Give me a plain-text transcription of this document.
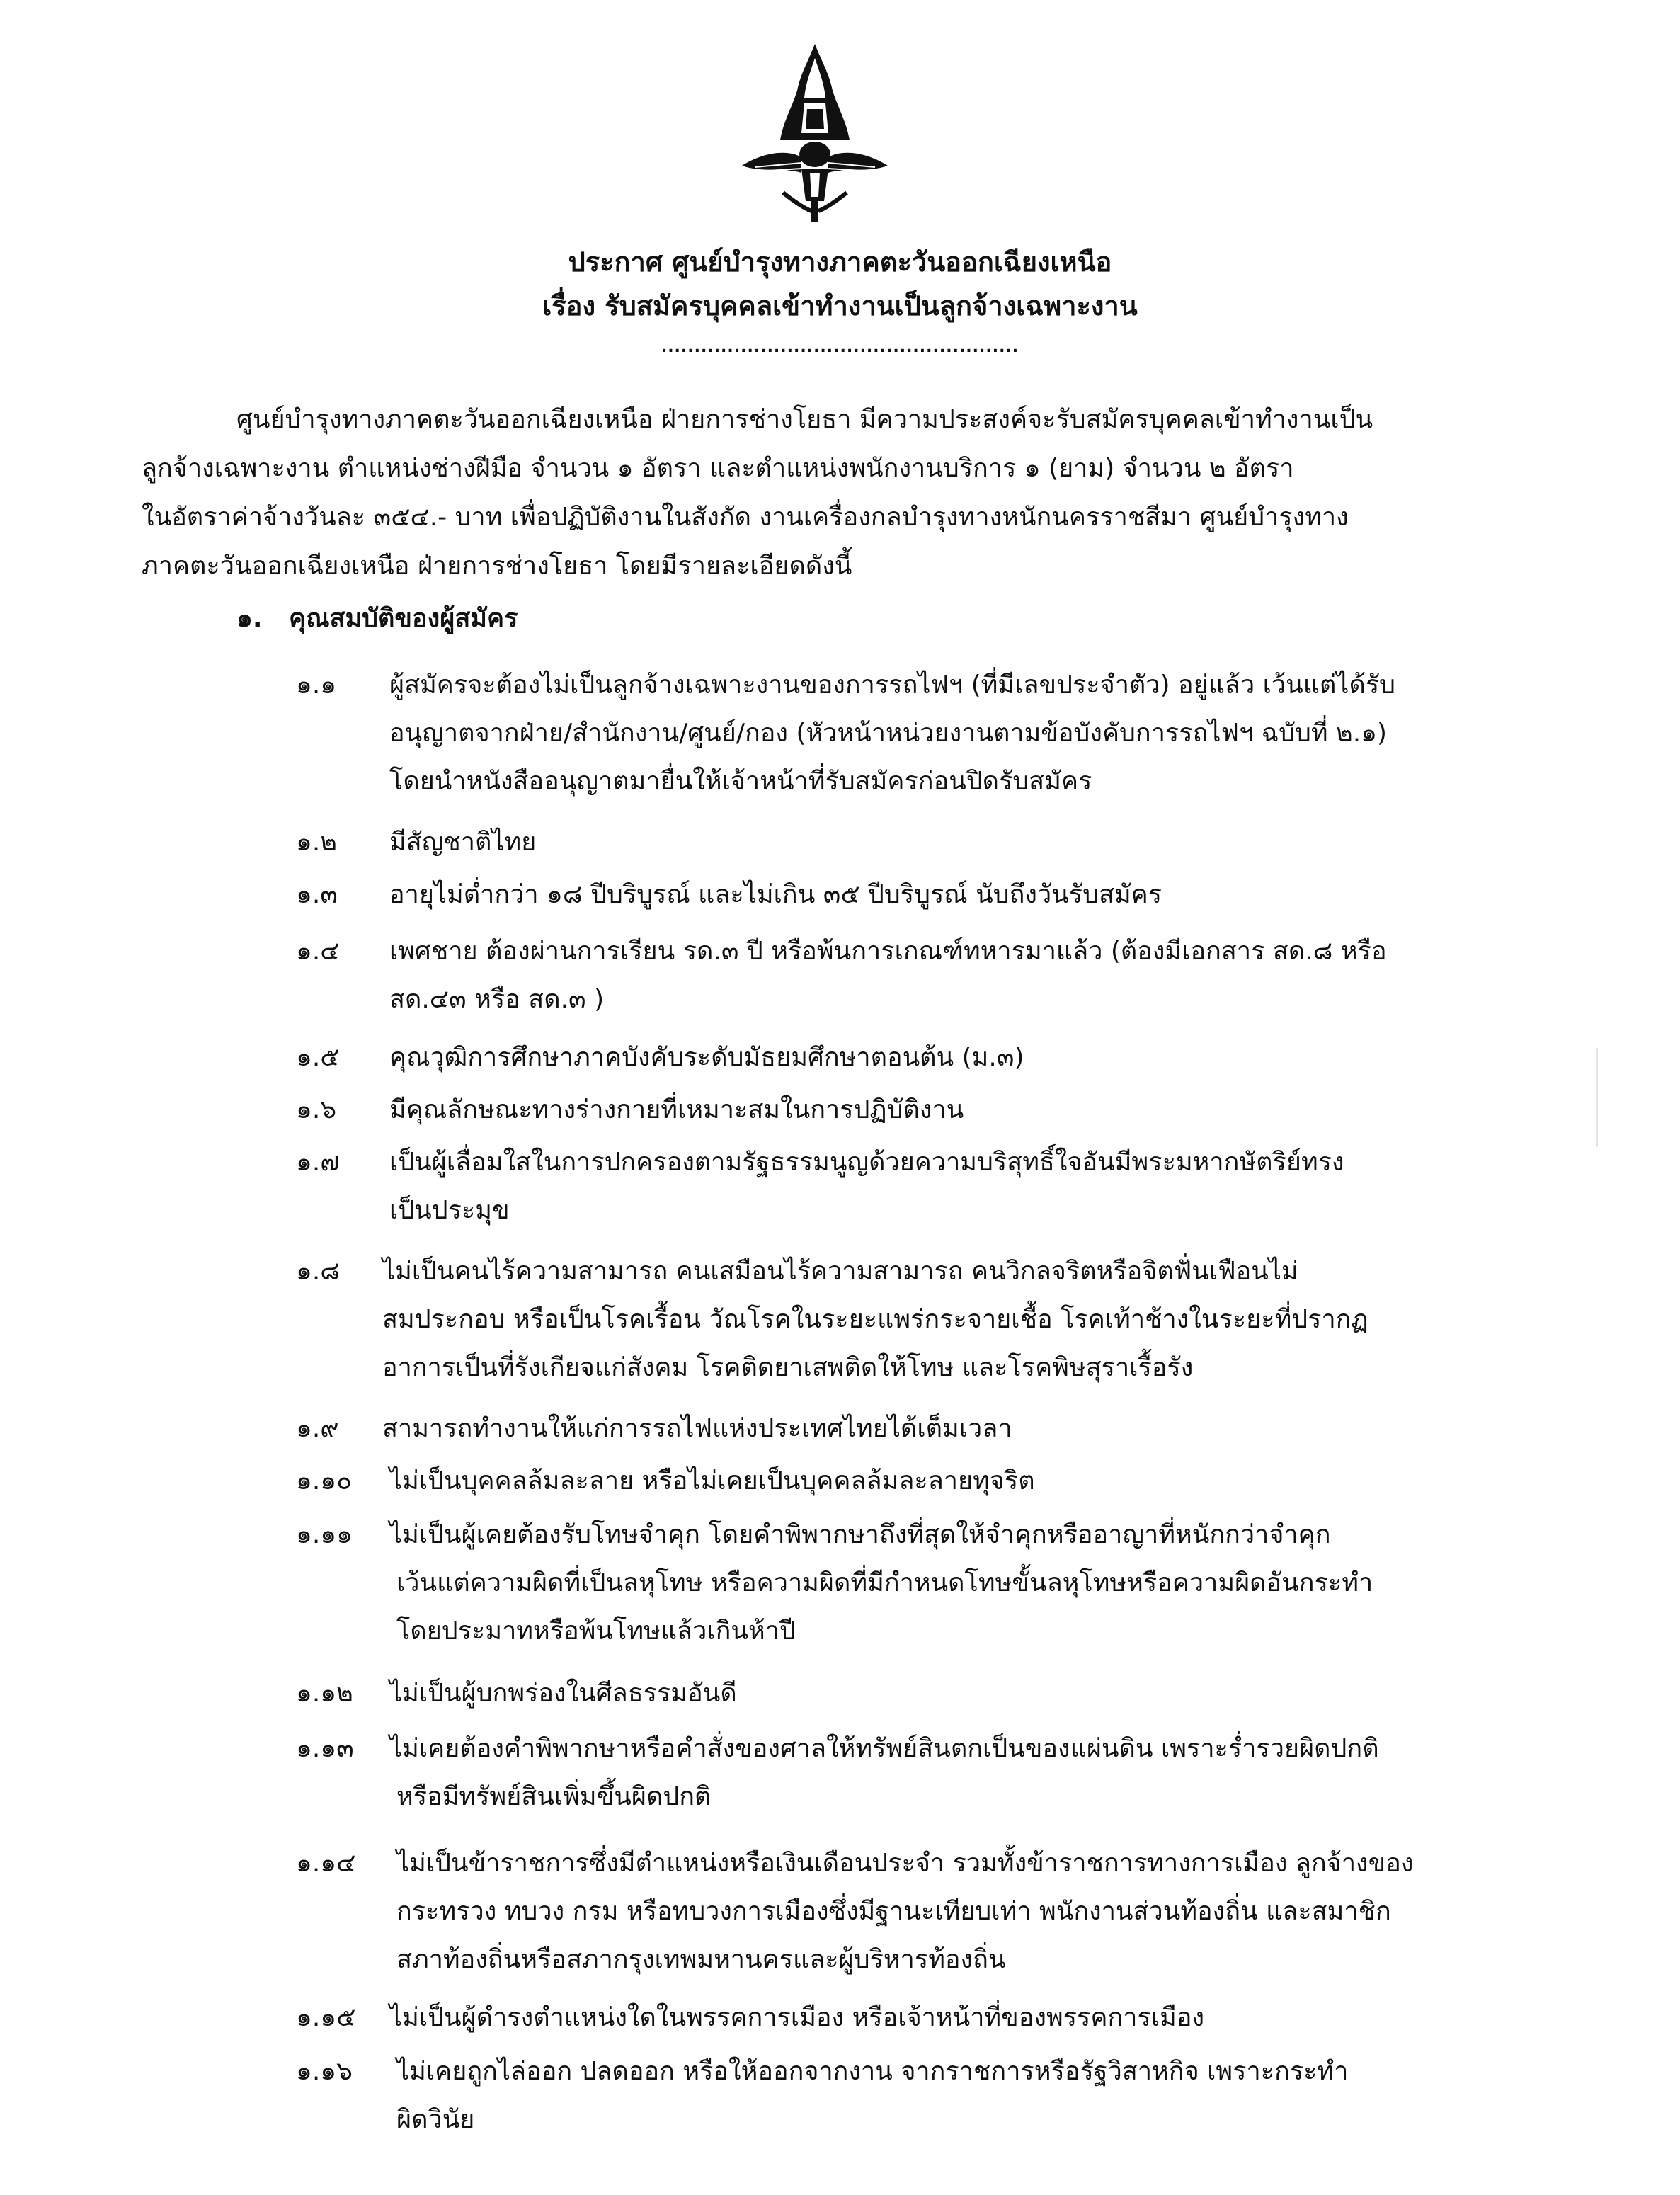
ประกาศ ศูนย์บำรุงทางภาคตะวันออกเฉียงเหนือ
เรื่อง รับสมัครบุคคลเข้าทำงานเป็นลูกจ้างเฉพาะงาน
......................................................
ศูนย์บำรุงทางภาคตะวันออกเฉียงเหนือ ฝ่ายการช่างโยธา มีความประสงค์จะรับสมัครบุคคลเข้าทำงานเป็น
ลูกจ้างเฉพาะงาน ตำแหน่งช่างฝีมือ จำนวน ๑ อัตรา และตำแหน่งพนักงานบริการ ๑ (ยาม) จำนวน ๒ อัตรา
ในอัตราค่าจ้างวันละ ๓๕๔.- บาท เพื่อปฏิบัติงานในสังกัด งานเครื่องกลบำรุงทางหนักนครราชสีมา ศูนย์บำรุงทาง
ภาคตะวันออกเฉียงเหนือ ฝ่ายการช่างโยธา โดยมีรายละเอียดดังนี้
๑. คุณสมบัติของผู้สมัคร
๑.๑ ผู้สมัครจะต้องไม่เป็นลูกจ้างเฉพาะงานของการรถไฟฯ (ที่มีเลขประจำตัว) อยู่แล้ว เว้นแต่ได้รับ
อนุญาตจากฝ่าย/สำนักงาน/ศูนย์/กอง (หัวหน้าหน่วยงานตามข้อบังคับการรถไฟฯ ฉบับที่ ๒.๑)
โดยนำหนังสืออนุญาตมายื่นให้เจ้าหน้าที่รับสมัครก่อนปิดรับสมัคร
๑.๒ มีสัญชาติไทย
๑.๓ อายุไม่ต่ำกว่า ๑๘ ปีบริบูรณ์ และไม่เกิน ๓๕ ปีบริบูรณ์ นับถึงวันรับสมัคร
๑.๔ เพศชาย ต้องผ่านการเรียน รด.๓ ปี หรือพ้นการเกณฑ์ทหารมาแล้ว (ต้องมีเอกสาร สด.๘ หรือ
สด.๔๓ หรือ สด.๓ )
๑.๕ คุณวุฒิการศึกษาภาคบังคับระดับมัธยมศึกษาตอนต้น (ม.๓)
๑.๖ มีคุณลักษณะทางร่างกายที่เหมาะสมในการปฏิบัติงาน
๑.๗ เป็นผู้เลื่อมใสในการปกครองตามรัฐธรรมนูญด้วยความบริสุทธิ์ใจอันมีพระมหากษัตริย์ทรง
เป็นประมุข
๑.๘ ไม่เป็นคนไร้ความสามารถ คนเสมือนไร้ความสามารถ คนวิกลจริตหรือจิตฟั่นเฟือนไม่
สมประกอบ หรือเป็นโรคเรื้อน วัณโรคในระยะแพร่กระจายเชื้อ โรคเท้าช้างในระยะที่ปรากฏ
อาการเป็นที่รังเกียจแก่สังคม โรคติดยาเสพติดให้โทษ และโรคพิษสุราเรื้อรัง
๑.๙ สามารถทำงานให้แก่การรถไฟแห่งประเทศไทยได้เต็มเวลา
๑.๑๐ ไม่เป็นบุคคลล้มละลาย หรือไม่เคยเป็นบุคคลล้มละลายทุจริต
๑.๑๑ ไม่เป็นผู้เคยต้องรับโทษจำคุก โดยคำพิพากษาถึงที่สุดให้จำคุกหรืออาญาที่หนักกว่าจำคุก
เว้นแต่ความผิดที่เป็นลหุโทษ หรือความผิดที่มีกำหนดโทษขั้นลหุโทษหรือความผิดอันกระทำ
โดยประมาทหรือพ้นโทษแล้วเกินห้าปี
๑.๑๒ ไม่เป็นผู้บกพร่องในศีลธรรมอันดี
๑.๑๓ ไม่เคยต้องคำพิพากษาหรือคำสั่งของศาลให้ทรัพย์สินตกเป็นของแผ่นดิน เพราะร่ำรวยผิดปกติ
หรือมีทรัพย์สินเพิ่มขึ้นผิดปกติ
๑.๑๔ ไม่เป็นข้าราชการซึ่งมีตำแหน่งหรือเงินเดือนประจำ รวมทั้งข้าราชการทางการเมือง ลูกจ้างของ
กระทรวง ทบวง กรม หรือทบวงการเมืองซึ่งมีฐานะเทียบเท่า พนักงานส่วนท้องถิ่น และสมาชิก
สภาท้องถิ่นหรือสภากรุงเทพมหานครและผู้บริหารท้องถิ่น
๑.๑๕ ไม่เป็นผู้ดำรงตำแหน่งใดในพรรคการเมือง หรือเจ้าหน้าที่ของพรรคการเมือง
๑.๑๖ ไม่เคยถูกไล่ออก ปลดออก หรือให้ออกจากงาน จากราชการหรือรัฐวิสาหกิจ เพราะกระทำ
ผิดวินัย
